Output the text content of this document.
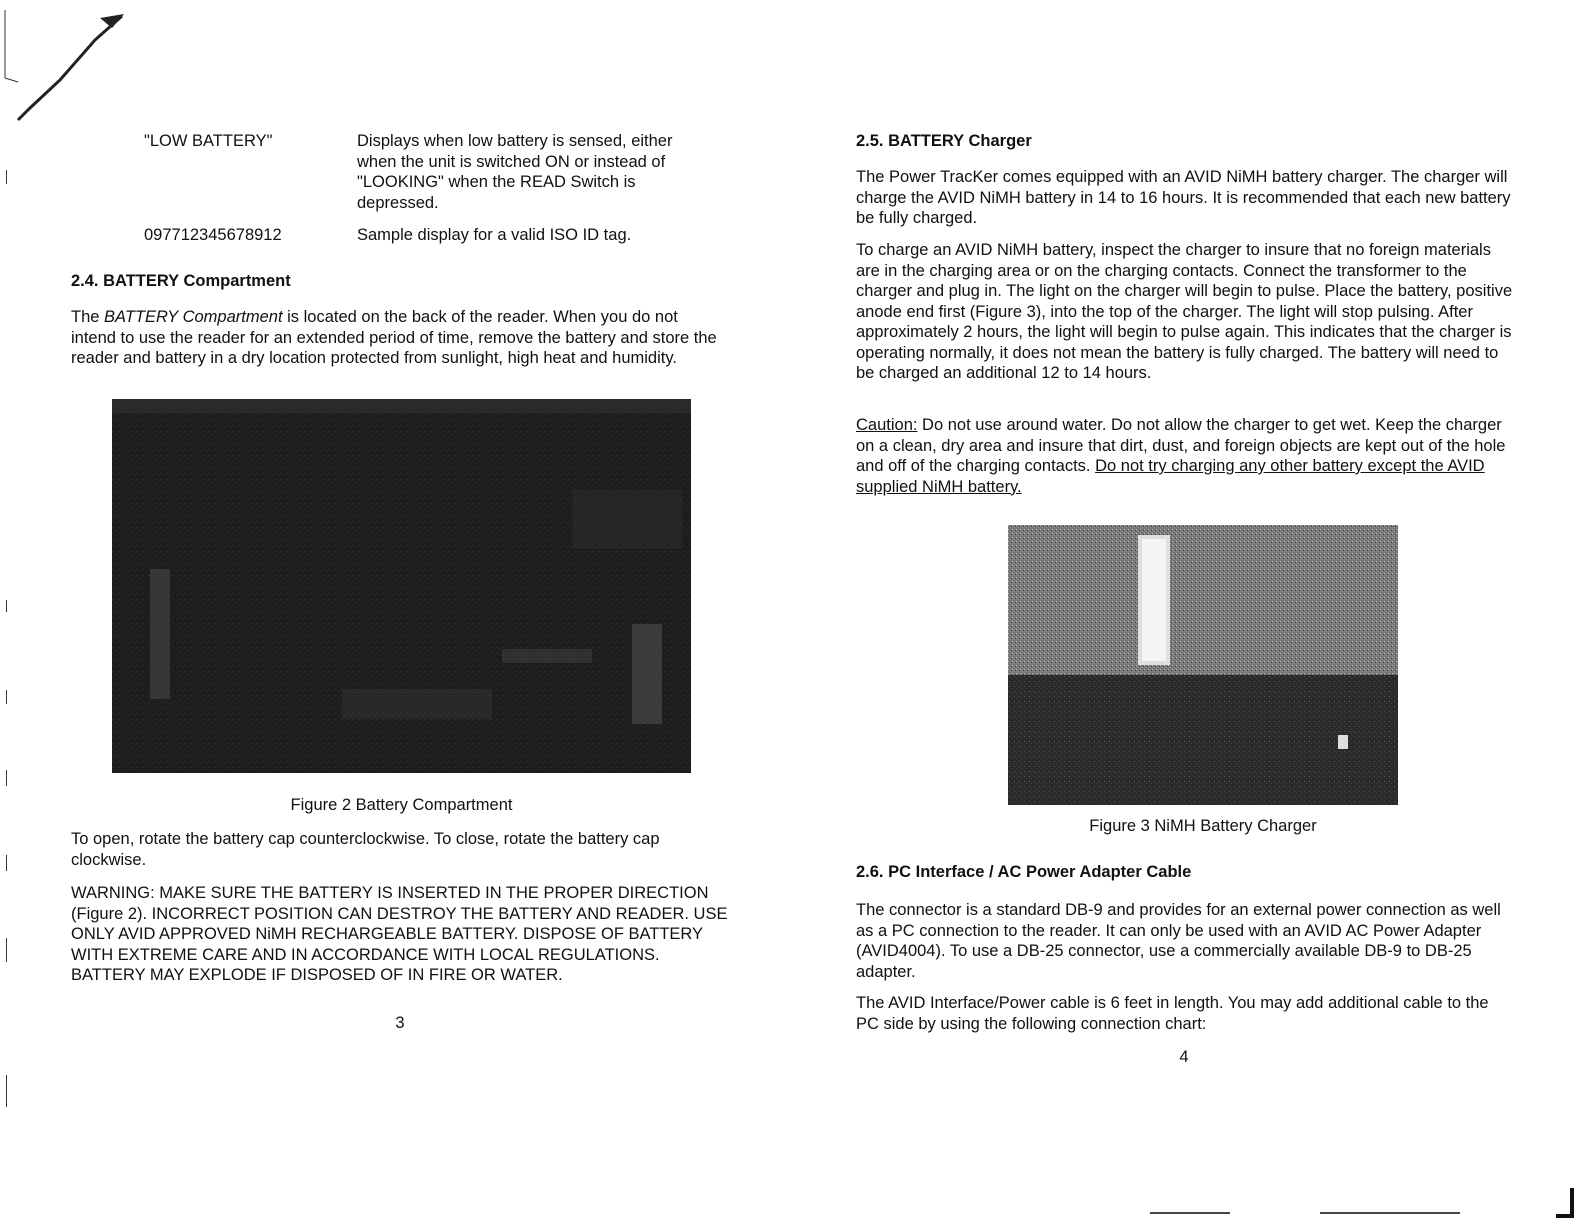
"LOW BATTERY"	Displays when low battery is sensed, either when the unit is switched ON or instead of "LOOKING" when the READ Switch is depressed.
097712345678912	Sample display for a valid ISO ID tag.
2.4. BATTERY Compartment

The BATTERY Compartment is located on the back of the reader. When you do not intend to use the reader for an extended period of time, remove the battery and store the reader and battery in a dry location protected from sunlight, high heat and humidity.

Figure 2 Battery Compartment

To open, rotate the battery cap counterclockwise. To close, rotate the battery cap clockwise.

WARNING: MAKE SURE THE BATTERY IS INSERTED IN THE PROPER DIRECTION (Figure 2). INCORRECT POSITION CAN DESTROY THE BATTERY AND READER. USE ONLY AVID APPROVED NiMH RECHARGEABLE BATTERY. DISPOSE OF BATTERY WITH EXTREME CARE AND IN ACCORDANCE WITH LOCAL REGULATIONS. BATTERY MAY EXPLODE IF DISPOSED OF IN FIRE OR WATER.

3
2.5. BATTERY Charger

The Power TracKer comes equipped with an AVID NiMH battery charger. The charger will charge the AVID NiMH battery in 14 to 16 hours. It is recommended that each new battery be fully charged.

To charge an AVID NiMH battery, inspect the charger to insure that no foreign materials are in the charging area or on the charging contacts. Connect the transformer to the charger and plug in. The light on the charger will begin to pulse. Place the battery, positive anode end first (Figure 3), into the top of the charger. The light will stop pulsing. After approximately 2 hours, the light will begin to pulse again. This indicates that the charger is operating normally, it does not mean the battery is fully charged. The battery will need to be charged an additional 12 to 14 hours.

Caution: Do not use around water. Do not allow the charger to get wet. Keep the charger on a clean, dry area and insure that dirt, dust, and foreign objects are kept out of the hole and off of the charging contacts. Do not try charging any other battery except the AVID supplied NiMH battery.

Figure 3 NiMH Battery Charger
2.6. PC Interface / AC Power Adapter Cable

The connector is a standard DB-9 and provides for an external power connection as well as a PC connection to the reader. It can only be used with an AVID AC Power Adapter (AVID4004). To use a DB-25 connector, use a commercially available DB-9 to DB-25 adapter.

The AVID Interface/Power cable is 6 feet in length. You may add additional cable to the PC side by using the following connection chart:

4
